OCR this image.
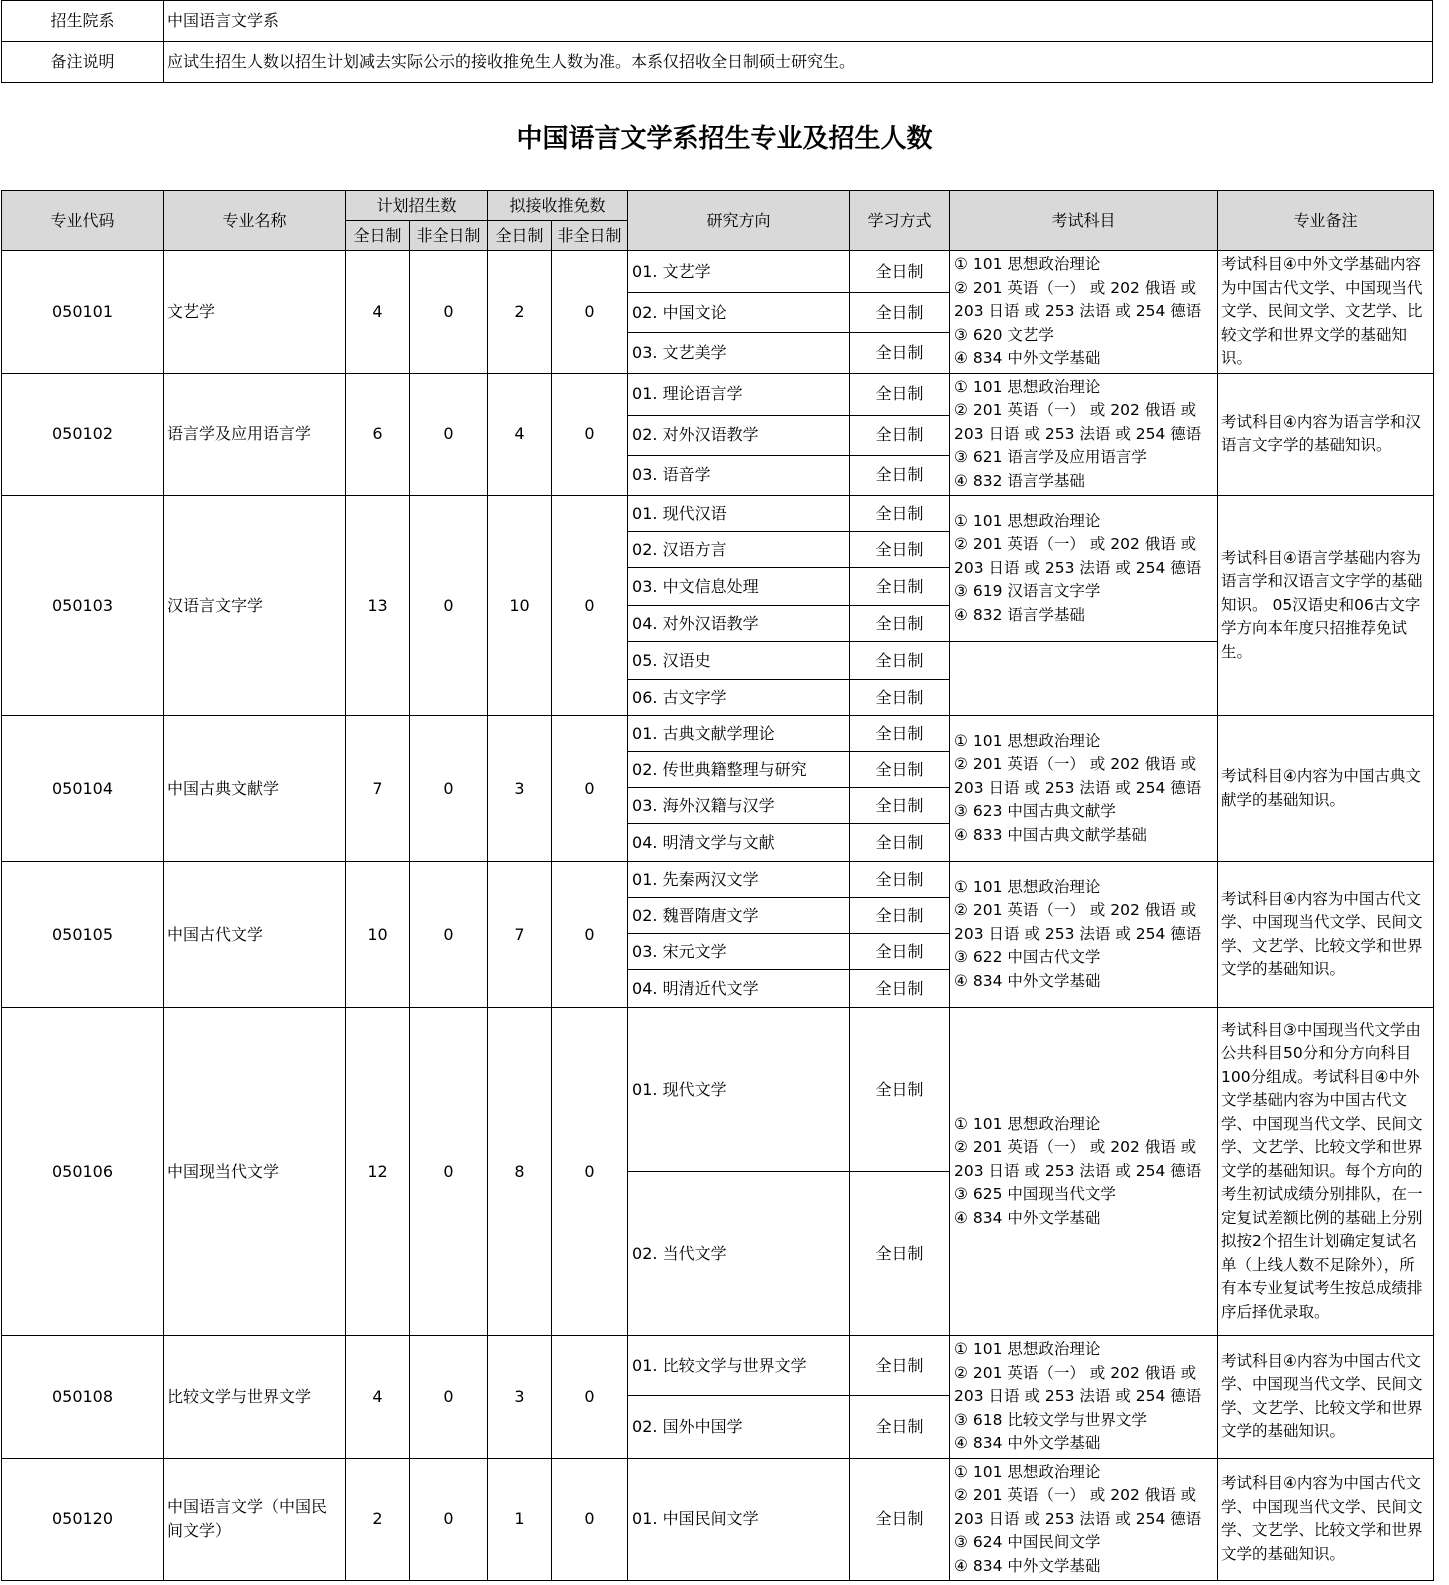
招生院系	中国语言文学系
备注说明	应试生招生人数以招生计划减去实际公示的接收推免生人数为准。本系仅招收全日制硕士研究生。
中国语言文学系招生专业及招生人数
专业代码	专业名称	计划招生数		拟接收推免数		研究方向	学习方式	考试科目	专业备注
		全日制	非全日制	全日制	非全日制				
050101	文艺学	4	0	2	0	01. 文艺学	全日制	① 101 思想政治理论
② 201 英语（一） 或 202 俄语 或
203 日语 或 253 法语 或 254 德语
③ 620 文艺学
④ 834 中外文学基础	考试科目④中外文学基础内容为中国古代文学、中国现当代文学、民间文学、文艺学、比较文学和世界文学的基础知识。
						02. 中国文论	全日制		
						03. 文艺美学	全日制		
050102	语言学及应用语言学	6	0	4	0	01. 理论语言学	全日制	① 101 思想政治理论
② 201 英语（一） 或 202 俄语 或
203 日语 或 253 法语 或 254 德语
③ 621 语言学及应用语言学
④ 832 语言学基础	考试科目④内容为语言学和汉语言文字学的基础知识。
						02. 对外汉语教学	全日制		
						03. 语音学	全日制		
050103	汉语言文字学	13	0	10	0	01. 现代汉语	全日制	① 101 思想政治理论
② 201 英语（一） 或 202 俄语 或
203 日语 或 253 法语 或 254 德语
③ 619 汉语言文字学
④ 832 语言学基础	考试科目④语言学基础内容为语言学和汉语言文字学的基础知识。 05汉语史和06古文字学方向本年度只招推荐免试生。
						02. 汉语方言	全日制		
						03. 中文信息处理	全日制		
						04. 对外汉语教学	全日制		
						05. 汉语史	全日制		
						06. 古文字学	全日制		
050104	中国古典文献学	7	0	3	0	01. 古典文献学理论	全日制	① 101 思想政治理论
② 201 英语（一） 或 202 俄语 或
203 日语 或 253 法语 或 254 德语
③ 623 中国古典文献学
④ 833 中国古典文献学基础	考试科目④内容为中国古典文献学的基础知识。
						02. 传世典籍整理与研究	全日制		
						03. 海外汉籍与汉学	全日制		
						04. 明清文学与文献	全日制		
050105	中国古代文学	10	0	7	0	01. 先秦两汉文学	全日制	① 101 思想政治理论
② 201 英语（一） 或 202 俄语 或
203 日语 或 253 法语 或 254 德语
③ 622 中国古代文学
④ 834 中外文学基础	考试科目④内容为中国古代文学、中国现当代文学、民间文学、文艺学、比较文学和世界文学的基础知识。
						02. 魏晋隋唐文学	全日制		
						03. 宋元文学	全日制		
						04. 明清近代文学	全日制		
050106	中国现当代文学	12	0	8	0	01. 现代文学	全日制	① 101 思想政治理论
② 201 英语（一） 或 202 俄语 或
203 日语 或 253 法语 或 254 德语
③ 625 中国现当代文学
④ 834 中外文学基础	考试科目③中国现当代文学由公共科目50分和分方向科目100分组成。考试科目④中外文学基础内容为中国古代文学、中国现当代文学、民间文学、文艺学、比较文学和世界文学的基础知识。每个方向的考生初试成绩分别排队，在一定复试差额比例的基础上分别拟按2个招生计划确定复试名单（上线人数不足除外），所有本专业复试考生按总成绩排序后择优录取。
						02. 当代文学	全日制		
050108	比较文学与世界文学	4	0	3	0	01. 比较文学与世界文学	全日制	① 101 思想政治理论
② 201 英语（一） 或 202 俄语 或
203 日语 或 253 法语 或 254 德语
③ 618 比较文学与世界文学
④ 834 中外文学基础	考试科目④内容为中国古代文学、中国现当代文学、民间文学、文艺学、比较文学和世界文学的基础知识。
						02. 国外中国学	全日制		
050120	中国语言文学（中国民间文学）	2	0	1	0	01. 中国民间文学	全日制	① 101 思想政治理论
② 201 英语（一） 或 202 俄语 或
203 日语 或 253 法语 或 254 德语
③ 624 中国民间文学
④ 834 中外文学基础	考试科目④内容为中国古代文学、中国现当代文学、民间文学、文艺学、比较文学和世界文学的基础知识。
